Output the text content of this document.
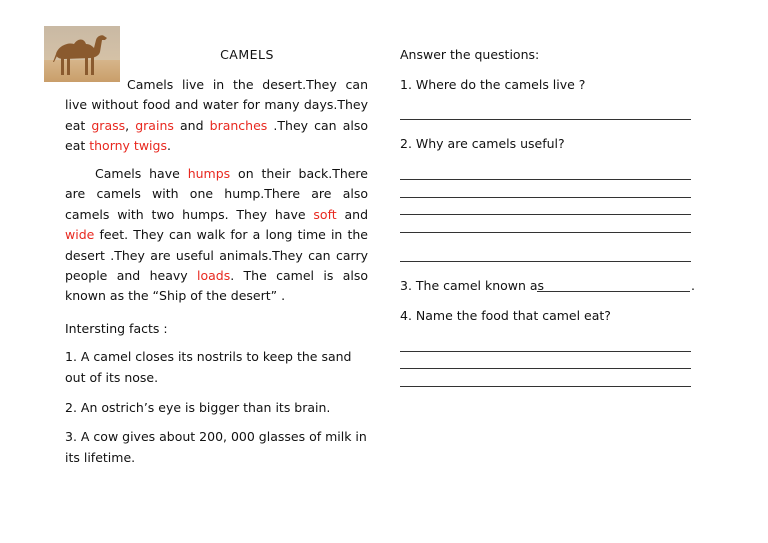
CAMELS
Camels live in the desert.They can live without food and water for many days.They eat grass, grains and branches .They can also eat thorny twigs.
Camels have humps on their back.There are camels with one hump.There are also camels with two humps. They have soft and wide feet. They can walk for a long time in the desert .They are useful animals.They can carry people and heavy loads. The camel is also known as the “Ship of the desert” .
Intersting facts :
1. A camel closes its nostrils to keep the sand out of its nose.
2. An ostrich’s eye is bigger than its brain.
3. A cow gives about 200, 000 glasses of milk in its lifetime.
Answer the questions:
1. Where do the camels live ?
2. Why are camels useful?
3. The camel known as	.
4. Name the food that camel eat?
